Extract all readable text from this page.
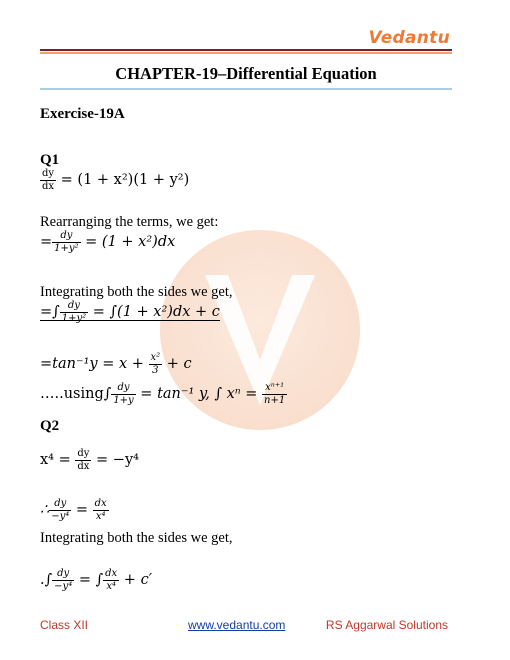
Vedantu
CHAPTER-19–Differential Equation
Exercise-19A
Q1
$\frac{dy}{dx} = (1 + x^2)(1 + y^2)$
Rearranging the terms, we get:
= $\frac{dy}{\text{1+y²}} = (1 + x^2)dx$
Integrating both the sides we get,
=∫ $\frac{dy}{\text{1+y²}} = \int(1 + x^2)dx + c$
$=\tan^{-1}y = x + \frac{\text{x²}}{3} + c$
…..using∫ $\frac{dy}{1+y} = \tan^{-1}$ y, ∫ $x^n = \frac{\text{xⁿ⁺¹}}{n+1}$
Q2
$x^4 = \frac{dy}{dx} = -y^4$
∴ $\frac{dy}{\text{−y⁴}} = \frac{dx}{\text{x⁴}}$
Integrating both the sides we get,
.∫ $\frac{dy}{\text{−y⁴}}$ = ∫ $\frac{dx}{\text{x⁴}} + c'$
Class XII	www.vedantu.com	RS Aggarwal Solutions
